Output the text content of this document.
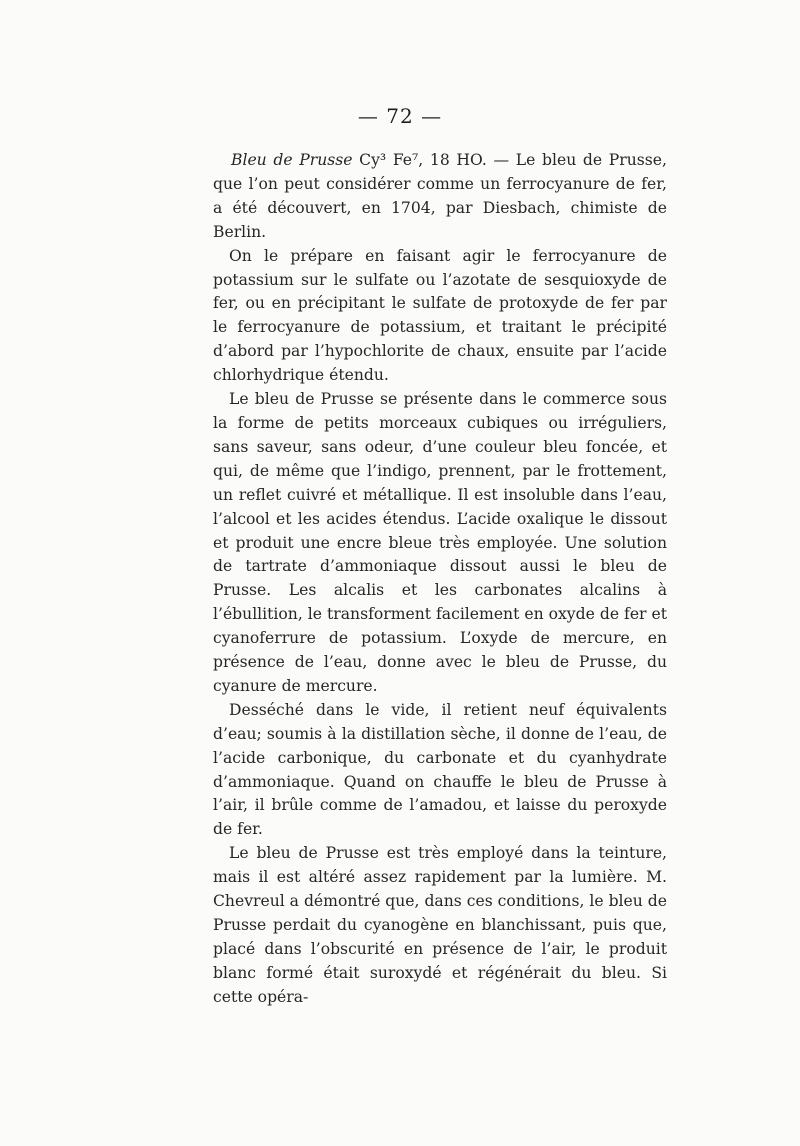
— 72 —

Bleu de Prusse Cy³ Fe⁷, 18 HO. — Le bleu de Prusse, que l’on peut considérer comme un ferrocyanure de fer, a été découvert, en 1704, par Diesbach, chimiste de Berlin.

On le prépare en faisant agir le ferrocyanure de potassium sur le sulfate ou l’azotate de sesquioxyde de fer, ou en précipitant le sulfate de protoxyde de fer par le ferrocyanure de potassium, et traitant le précipité d’abord par l’hypochlorite de chaux, ensuite par l’acide chlorhydrique étendu.

Le bleu de Prusse se présente dans le commerce sous la forme de petits morceaux cubiques ou irréguliers, sans saveur, sans odeur, d’une couleur bleu foncée, et qui, de même que l’indigo, prennent, par le frottement, un reflet cuivré et métallique. Il est insoluble dans l’eau, l’alcool et les acides étendus. L’acide oxalique le dissout et produit une encre bleue très employée. Une solution de tartrate d’ammoniaque dissout aussi le bleu de Prusse. Les alcalis et les carbonates alcalins à l’ébullition, le transforment facilement en oxyde de fer et cyanoferrure de potassium. L’oxyde de mercure, en présence de l’eau, donne avec le bleu de Prusse, du cyanure de mercure.

Desséché dans le vide, il retient neuf équivalents d’eau; soumis à la distillation sèche, il donne de l’eau, de l’acide carbonique, du carbonate et du cyanhydrate d’ammoniaque. Quand on chauffe le bleu de Prusse à l’air, il brûle comme de l’amadou, et laisse du peroxyde de fer.

Le bleu de Prusse est très employé dans la teinture, mais il est altéré assez rapidement par la lumière. M. Chevreul a démontré que, dans ces conditions, le bleu de Prusse perdait du cyanogène en blanchissant, puis que, placé dans l’obscurité en présence de l’air, le produit blanc formé était suroxydé et régénérait du bleu. Si cette opéra-
